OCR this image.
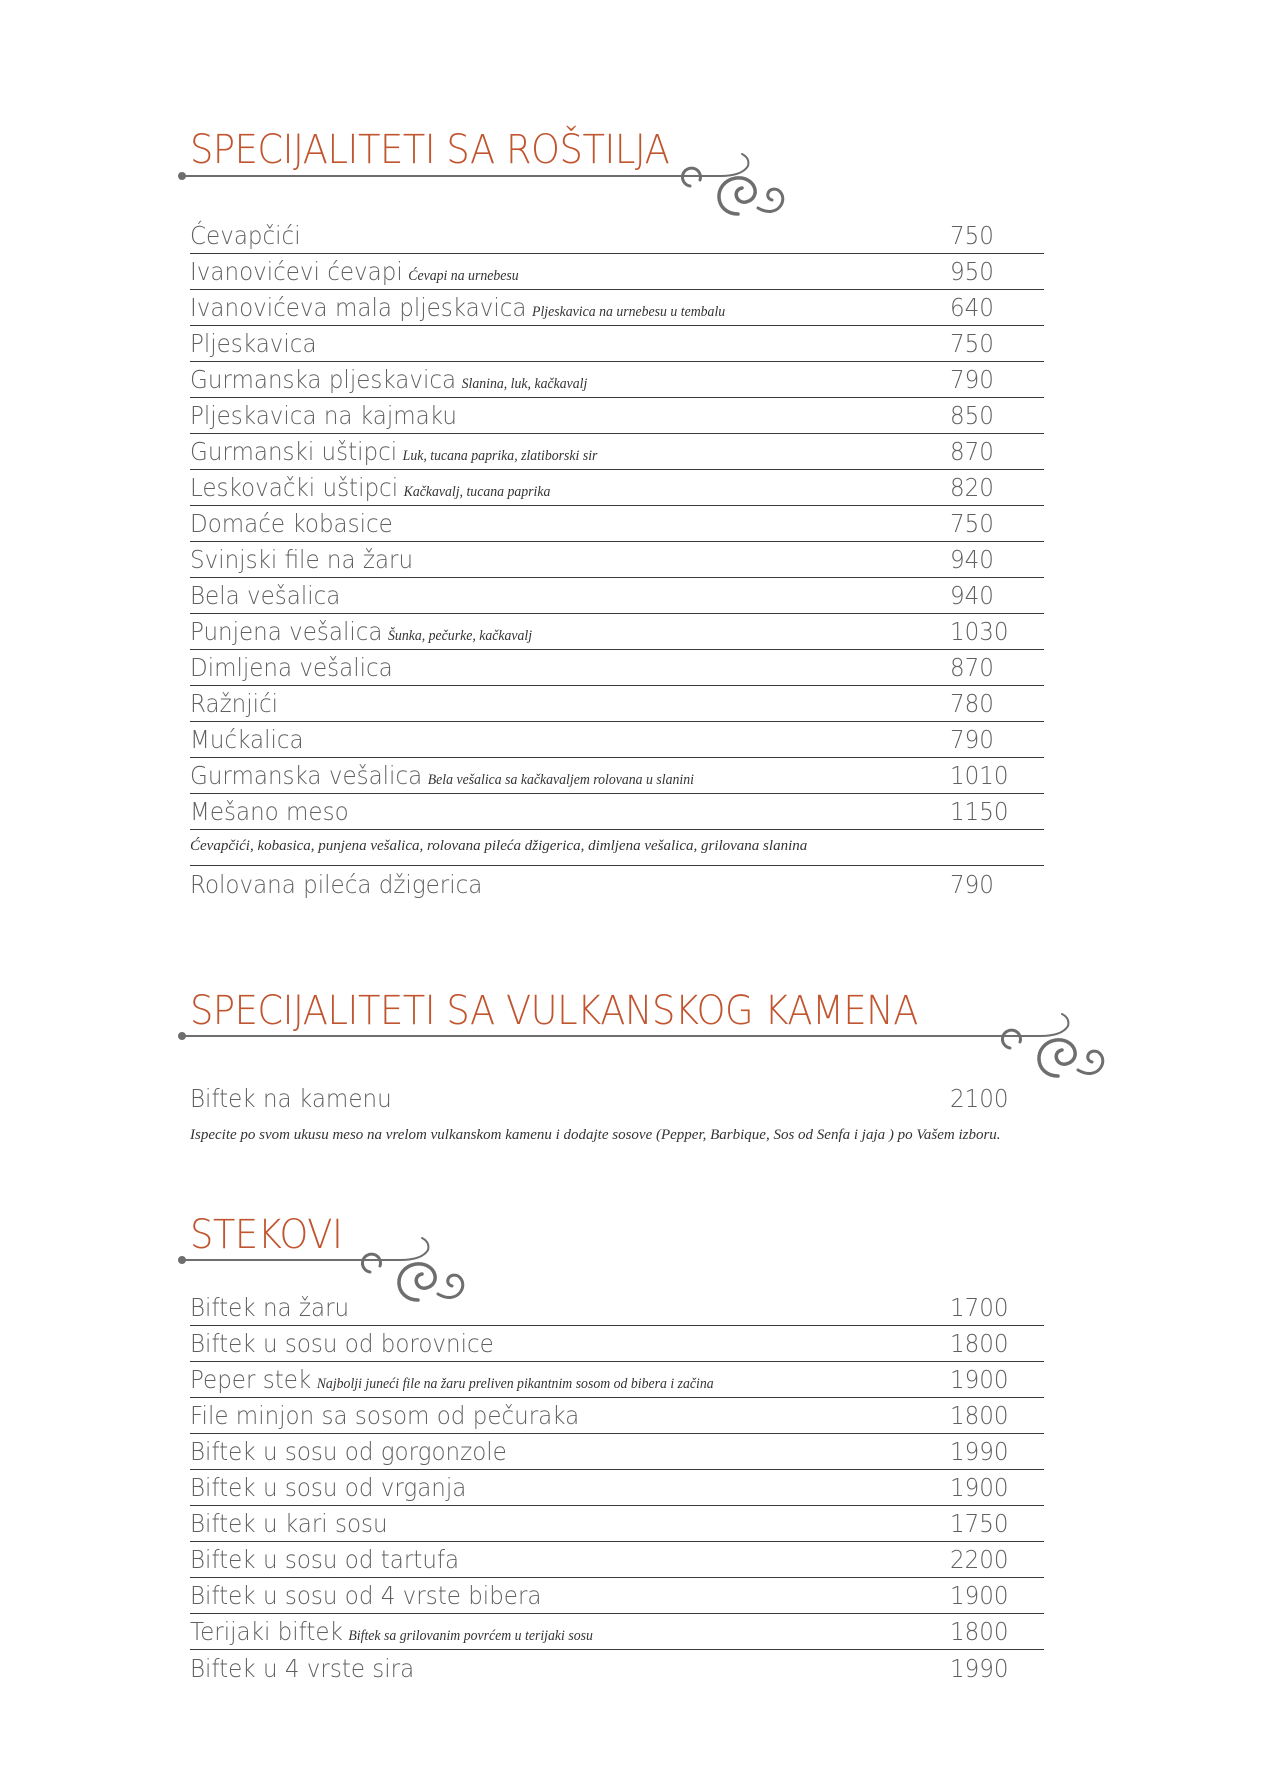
SPECIJALITETI SA ROŠTILJA
Ćevapčići	750
Ivanovićevi ćevapi Ćevapi na urnebesu	950
Ivanovićeva mala pljeskavica Pljeskavica na urnebesu u tembalu	640
Pljeskavica	750
Gurmanska pljeskavica Slanina, luk, kačkavalj	790
Pljeskavica na kajmaku	850
Gurmanski uštipci Luk, tucana paprika, zlatiborski sir	870
Leskovački uštipci Kačkavalj, tucana paprika	820
Domaće kobasice	750
Svinjski file na žaru	940
Bela vešalica	940
Punjena vešalica Šunka, pečurke, kačkavalj	1030
Dimljena vešalica	870
Ražnjići	780
Mućkalica	790
Gurmanska vešalica Bela vešalica sa kačkavaljem rolovana u slanini	1010
Mešano meso	1150
Ćevapčići, kobasica, punjena vešalica, rolovana pileća džigerica, dimljena vešalica, grilovana slanina
Rolovana pileća džigerica	790
SPECIJALITETI SA VULKANSKOG KAMENA
Biftek na kamenu	2100
Ispecite po svom ukusu meso na vrelom vulkanskom kamenu i dodajte sosove (Pepper, Barbique, Sos od Senfa i jaja ) po Vašem izboru.
STEKOVI
Biftek na žaru	1700
Biftek u sosu od borovnice	1800
Peper stek Najbolji juneći file na žaru preliven pikantnim sosom od bibera i začina	1900
File minjon sa sosom od pečuraka	1800
Biftek u sosu od gorgonzole	1990
Biftek u sosu od vrganja	1900
Biftek u kari sosu	1750
Biftek u sosu od tartufa	2200
Biftek u sosu od 4 vrste bibera	1900
Terijaki biftek Biftek sa grilovanim povrćem u terijaki sosu	1800
Biftek u 4 vrste sira	1990
